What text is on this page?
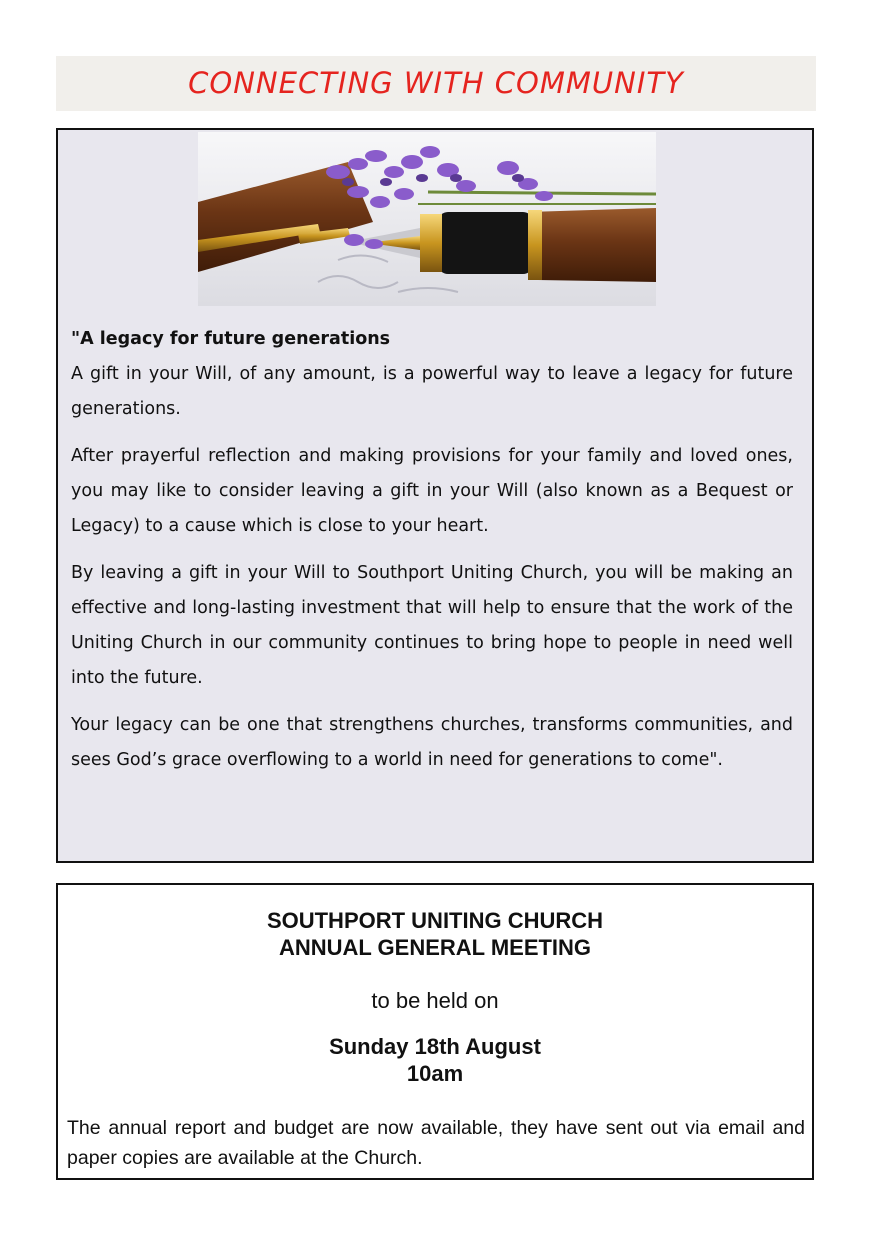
CONNECTING WITH COMMUNITY
"A legacy for future generations

A gift in your Will, of any amount, is a powerful way to leave a legacy for future generations.

After prayerful reflection and making provisions for your family and loved ones, you may like to consider leaving a gift in your Will (also known as a Bequest or Legacy) to a cause which is close to your heart.

By leaving a gift in your Will to Southport Uniting Church, you will be making an effective and long-lasting investment that will help to ensure that the work of the Uniting Church in our community continues to bring hope to people in need well into the future.

Your legacy can be one that strengthens churches, transforms communities, and sees God’s grace overflowing to a world in need for generations to come".

SOUTHPORT UNITING CHURCH
ANNUAL GENERAL MEETING
to be held on
Sunday 18th August
10am
The annual report and budget are now available, they have sent out via email and paper copies are available at the Church.
